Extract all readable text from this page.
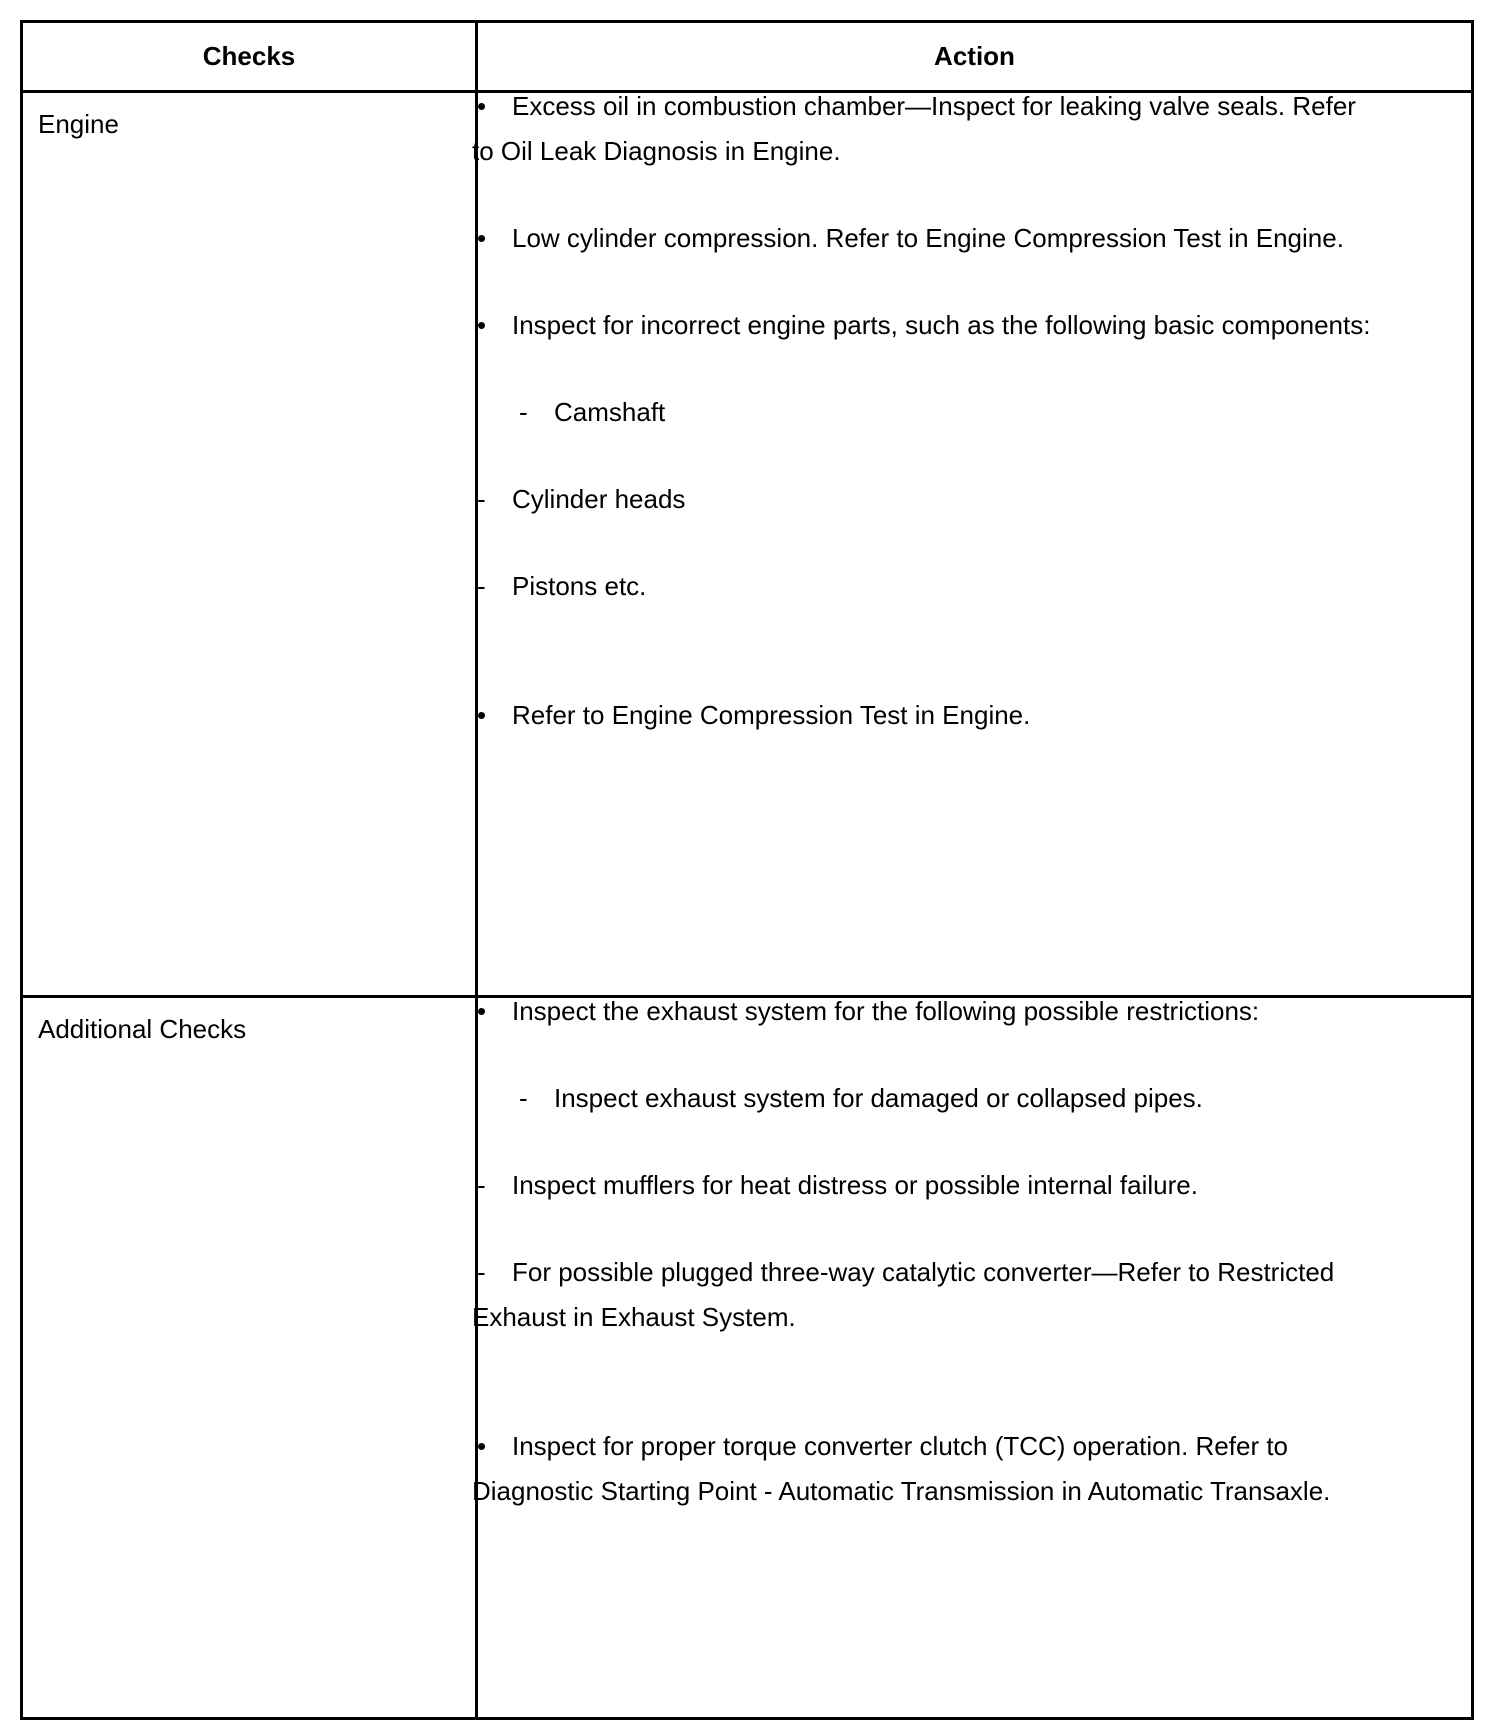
Checks	Action
Engine
Additional Checks
• Excess oil in combustion chamber—Inspect for leaking valve seals. Refer to Oil Leak Diagnosis in Engine.
• Low cylinder compression. Refer to Engine Compression Test in Engine.
• Inspect for incorrect engine parts, such as the following basic components:
- Camshaft
- Cylinder heads
- Pistons etc.
• Refer to Engine Compression Test in Engine.
• Inspect the exhaust system for the following possible restrictions:
- Inspect exhaust system for damaged or collapsed pipes.
- Inspect mufflers for heat distress or possible internal failure.
- For possible plugged three-way catalytic converter—Refer to Restricted Exhaust in Exhaust System.
• Inspect for proper torque converter clutch (TCC) operation. Refer to Diagnostic Starting Point - Automatic Transmission in Automatic Transaxle.
